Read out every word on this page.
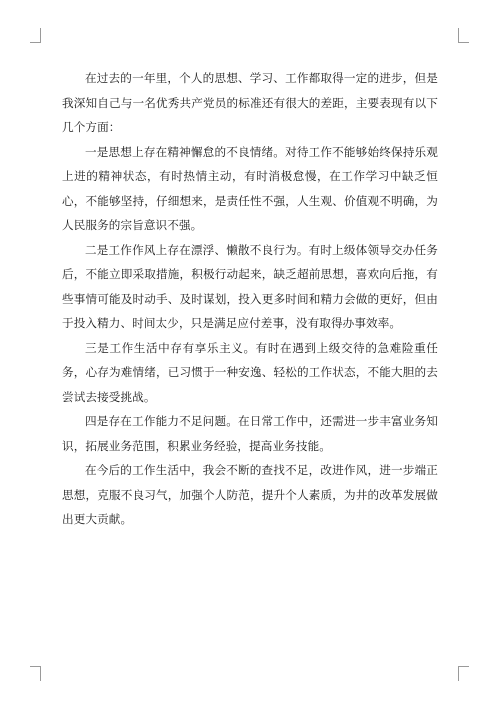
在过去的一年里，个人的思想、学习、工作都取得一定的进步，但是我深知自己与一名优秀共产党员的标准还有很大的差距，主要表现有以下几个方面：

一是思想上存在精神懈怠的不良情绪。对待工作不能够始终保持乐观上进的精神状态，有时热情主动，有时消极怠慢，在工作学习中缺乏恒心，不能够坚持，仔细想来，是责任性不强，人生观、价值观不明确，为人民服务的宗旨意识不强。

二是工作作风上存在漂浮、懒散不良行为。有时上级体领导交办任务后，不能立即采取措施，积极行动起来，缺乏超前思想，喜欢向后拖，有些事情可能及时动手、及时谋划，投入更多时间和精力会做的更好，但由于投入精力、时间太少，只是满足应付差事，没有取得办事效率。

三是工作生活中存有享乐主义。有时在遇到上级交待的急难险重任务，心存为难情绪，已习惯于一种安逸、轻松的工作状态，不能大胆的去尝试去接受挑战。

四是存在工作能力不足问题。在日常工作中，还需进一步丰富业务知识，拓展业务范围，积累业务经验，提高业务技能。

在今后的工作生活中，我会不断的查找不足，改进作风，进一步端正思想，克服不良习气，加强个人防范，提升个人素质，为井的改革发展做出更大贡献。
